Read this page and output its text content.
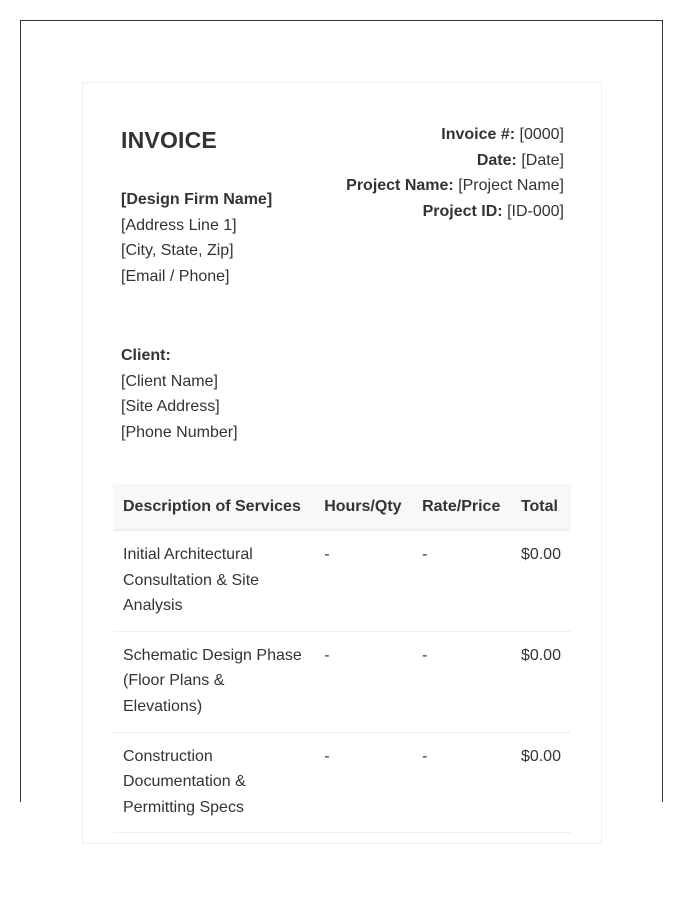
INVOICE
[Design Firm Name]
[Address Line 1]
[City, State, Zip]
[Email / Phone]
Invoice #: [0000]
Date: [Date]
Project Name: [Project Name]
Project ID: [ID-000]
Client:
[Client Name]
[Site Address]
[Phone Number]
Description of Services	Hours/Qty	Rate/Price	Total
Initial Architectural Consultation & Site Analysis	-	-	$0.00
Schematic Design Phase (Floor Plans & Elevations)	-	-	$0.00
Construction Documentation & Permitting Specs	-	-	$0.00
